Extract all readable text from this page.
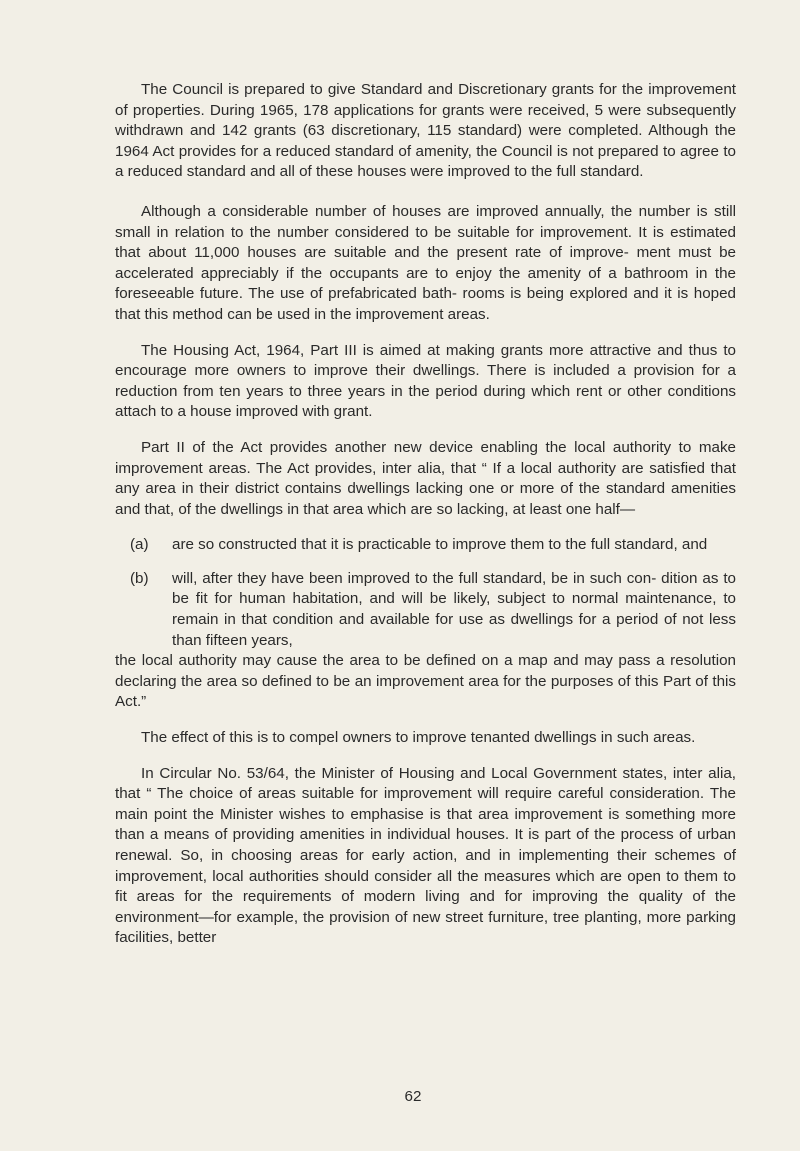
The Council is prepared to give Standard and Discretionary grants for the improvement of properties. During 1965, 178 applications for grants were received, 5 were subsequently withdrawn and 142 grants (63 discretionary, 115 standard) were completed. Although the 1964 Act provides for a reduced standard of amenity, the Council is not prepared to agree to a reduced standard and all of these houses were improved to the full standard.

Although a considerable number of houses are improved annually, the number is still small in relation to the number considered to be suitable for improvement. It is estimated that about 11,000 houses are suitable and the present rate of improve- ment must be accelerated appreciably if the occupants are to enjoy the amenity of a bathroom in the foreseeable future. The use of prefabricated bath- rooms is being explored and it is hoped that this method can be used in the improvement areas.

The Housing Act, 1964, Part III is aimed at making grants more attractive and thus to encourage more owners to improve their dwellings. There is included a provision for a reduction from ten years to three years in the period during which rent or other conditions attach to a house improved with grant.

Part II of the Act provides another new device enabling the local authority to make improvement areas. The Act provides, inter alia, that “ If a local authority are satisfied that any area in their district contains dwellings lacking one or more of the standard amenities and that, of the dwellings in that area which are so lacking, at least one half—

(a)	are so constructed that it is practicable to improve them to the full standard, and
(b)	will, after they have been improved to the full standard, be in such con- dition as to be fit for human habitation, and will be likely, subject to normal maintenance, to remain in that condition and available for use as dwellings for a period of not less than fifteen years,

the local authority may cause the area to be defined on a map and may pass a resolution declaring the area so defined to be an improvement area for the purposes of this Part of this Act.”

The effect of this is to compel owners to improve tenanted dwellings in such areas.

In Circular No. 53/64, the Minister of Housing and Local Government states, inter alia, that “ The choice of areas suitable for improvement will require careful consideration. The main point the Minister wishes to emphasise is that area improvement is something more than a means of providing amenities in individual houses. It is part of the process of urban renewal. So, in choosing areas for early action, and in implementing their schemes of improvement, local authorities should consider all the measures which are open to them to fit areas for the requirements of modern living and for improving the quality of the environment—for example, the provision of new street furniture, tree planting, more parking facilities, better

62
